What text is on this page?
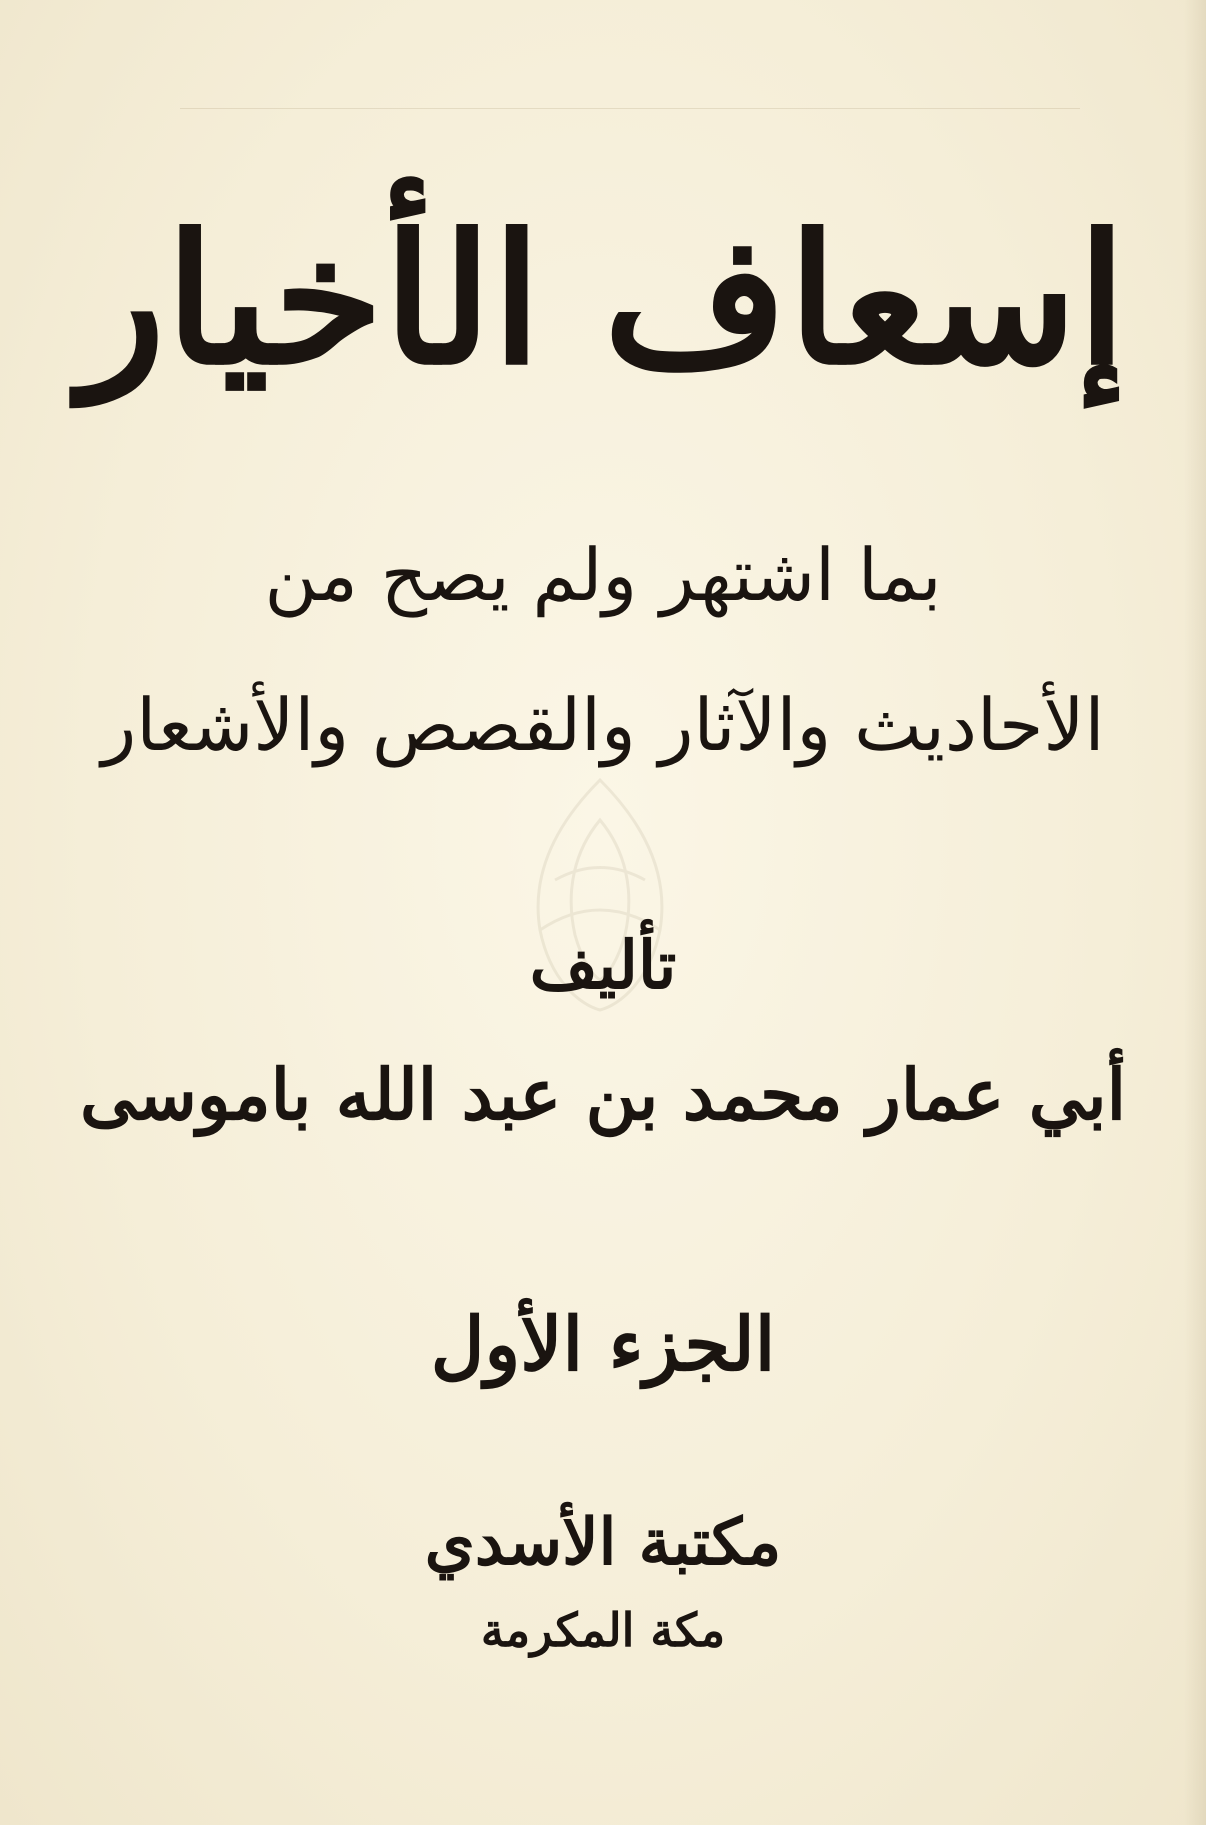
إسعاف الأخيار
بما اشتهر ولم يصح من
الأحاديث والآثار والقصص والأشعار
تأليف
أبي عمار محمد بن عبد الله باموسى
الجزء الأول
مكتبة الأسدي
مكة المكرمة
